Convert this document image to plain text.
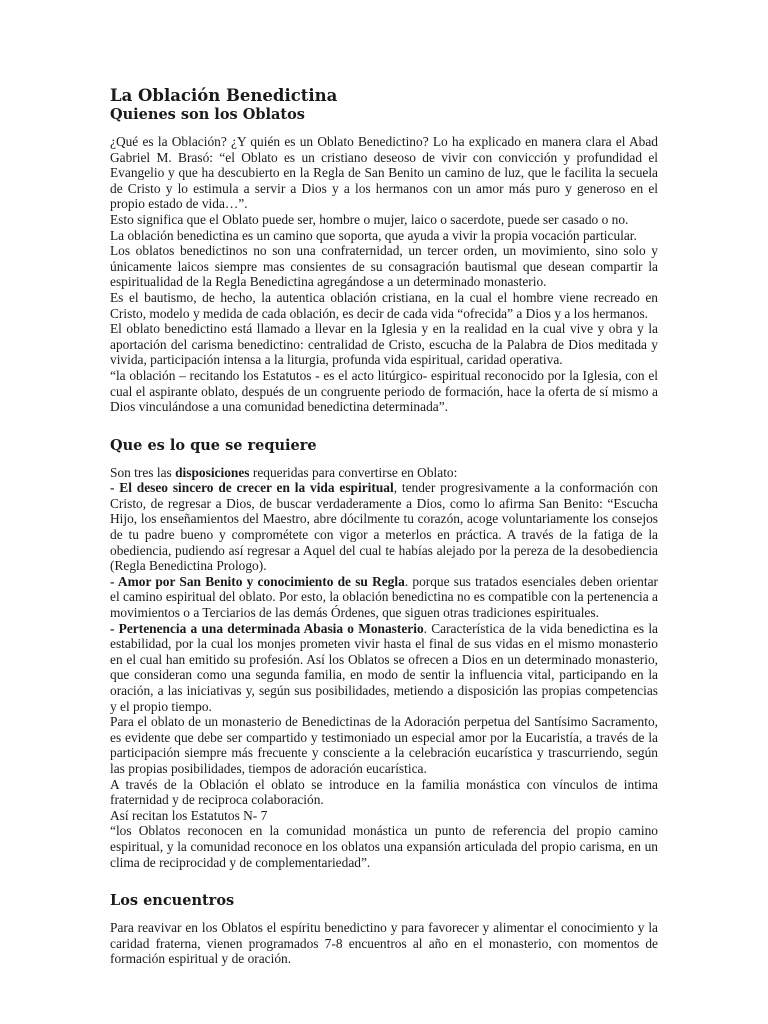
La Oblación Benedictina
Quienes son los Oblatos

¿Qué es la Oblación? ¿Y quién es un Oblato Benedictino? Lo ha explicado en manera clara el Abad Gabriel M. Brasó: “el Oblato es un cristiano deseoso de vivir con convicción y profundidad el Evangelio y que ha descubierto en la Regla de San Benito un camino de luz, que le facilita la secuela de Cristo y lo estimula a servir a Dios y a los hermanos con un amor más puro y generoso en el propio estado de vida…”.

Esto significa que el Oblato puede ser, hombre o mujer, laico o sacerdote, puede ser casado o no.

La oblación benedictina es un camino que soporta, que ayuda a vivir la propia vocación particular.

Los oblatos benedictinos no son una confraternidad, un tercer orden, un movimiento, sino solo y únicamente laicos siempre mas consientes de su consagración bautismal que desean compartir la espiritualidad de la Regla Benedictina agregándose a un determinado monasterio.

Es el bautismo, de hecho, la autentica oblación cristiana, en la cual el hombre viene recreado en Cristo, modelo y medida de cada oblación, es decir de cada vida “ofrecida” a Dios y a los hermanos.

El oblato benedictino está llamado a llevar en la Iglesia y en la realidad en la cual vive y obra y la aportación del carisma benedictino: centralidad de Cristo, escucha de la Palabra de Dios meditada y vivida, participación intensa a la liturgia, profunda vida espiritual, caridad operativa.

“la oblación – recitando los Estatutos - es el acto litúrgico- espiritual reconocido por la Iglesia, con el cual el aspirante oblato, después de un congruente periodo de formación, hace la oferta de sí mismo a Dios vinculándose a una comunidad benedictina determinada”.

Que es lo que se requiere

Son tres las disposiciones requeridas para convertirse en Oblato:

- El deseo sincero de crecer en la vida espiritual, tender progresivamente a la conformación con Cristo, de regresar a Dios, de buscar verdaderamente a Dios, como lo afirma San Benito: “Escucha Hijo, los enseñamientos del Maestro, abre dócilmente tu corazón, acoge voluntariamente los consejos de tu padre bueno y comprométete con vigor a meterlos en práctica. A través de la fatiga de la obediencia, pudiendo así regresar a Aquel del cual te habías alejado por la pereza de la desobediencia (Regla Benedictina Prologo).

- Amor por San Benito y conocimiento de su Regla. porque sus tratados esenciales deben orientar el camino espiritual del oblato. Por esto, la oblación benedictina no es compatible con la pertenencia a movimientos o a Terciarios de las demás Órdenes, que siguen otras tradiciones espirituales.

- Pertenencia a una determinada Abasia o Monasterio. Característica de la vida benedictina es la estabilidad, por la cual los monjes prometen vivir hasta el final de sus vidas en el mismo monasterio en el cual han emitido su profesión. Así los Oblatos se ofrecen a Dios en un determinado monasterio, que consideran como una segunda familia, en modo de sentir la influencia vital, participando en la oración, a las iniciativas y, según sus posibilidades, metiendo a disposición las propias competencias y el propio tiempo.

Para el oblato de un monasterio de Benedictinas de la Adoración perpetua del Santísimo Sacramento, es evidente que debe ser compartido y testimoniado un especial amor por la Eucaristía, a través de la participación siempre más frecuente y consciente a la celebración eucarística y trascurriendo, según las propias posibilidades, tiempos de adoración eucarística.

A través de la Oblación el oblato se introduce en la familia monástica con vínculos de intima fraternidad y de reciproca colaboración.

Así recitan los Estatutos N- 7

“los Oblatos reconocen en la comunidad monástica un punto de referencia del propio camino espiritual, y la comunidad reconoce en los oblatos una expansión articulada del propio carisma, en un clima de reciprocidad y de complementariedad”.

Los encuentros

Para reavivar en los Oblatos el espíritu benedictino y para favorecer y alimentar el conocimiento y la caridad fraterna, vienen programados 7-8 encuentros al año en el monasterio, con momentos de formación espiritual y de oración.
